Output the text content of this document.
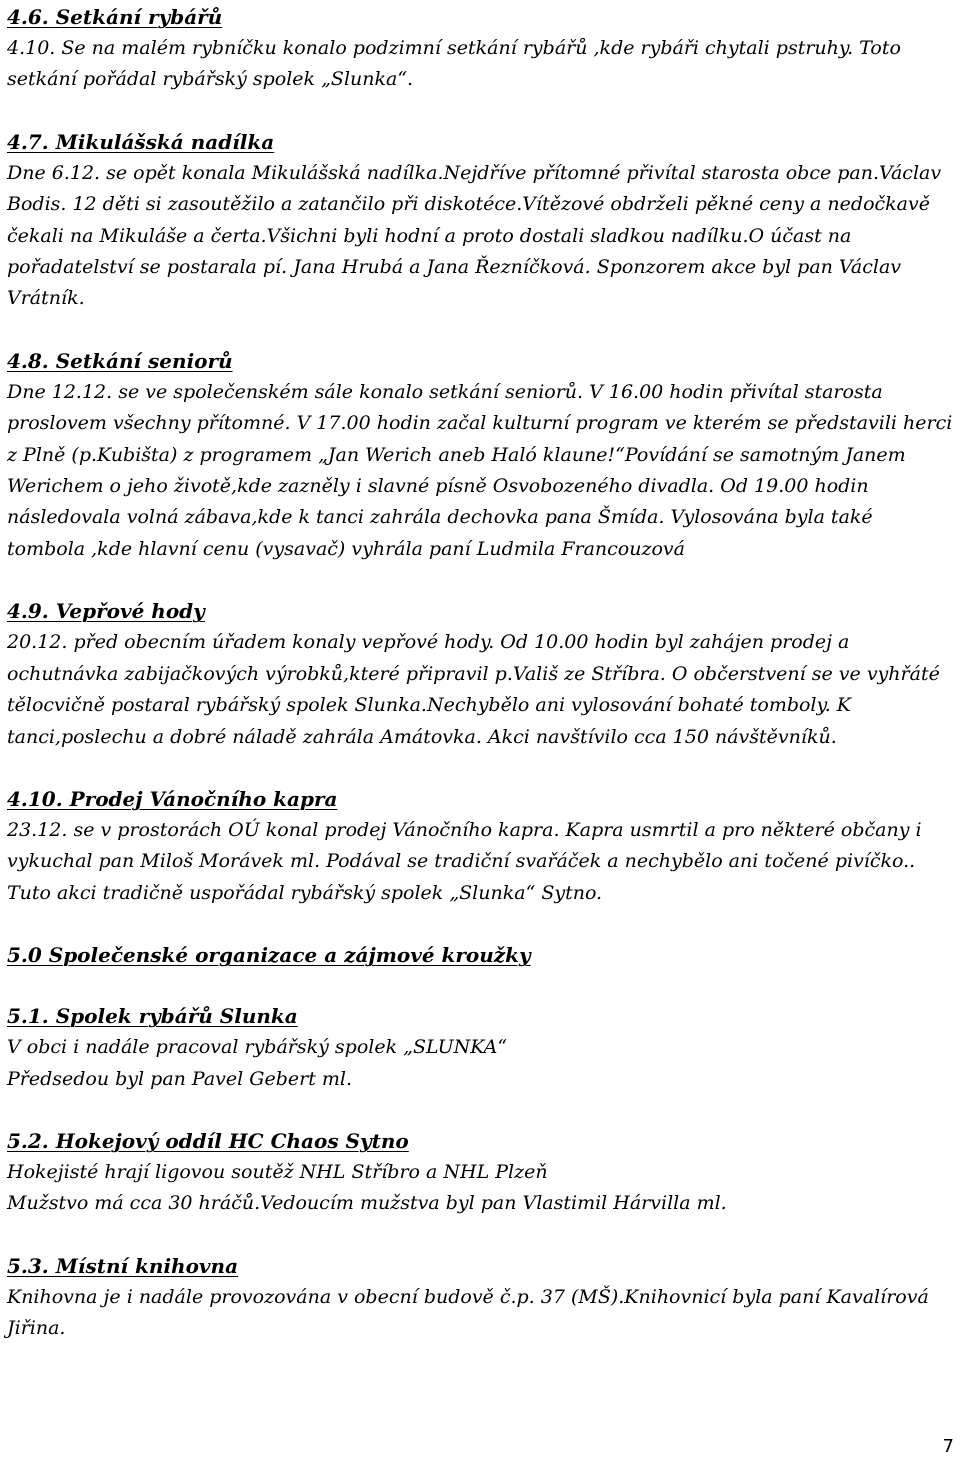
4.6. Setkání rybářů

4.10. Se na malém rybníčku konalo podzimní setkání rybářů ,kde rybáři chytali pstruhy. Toto setkání pořádal rybářský spolek „Slunka“.

4.7. Mikulášská nadílka

Dne 6.12. se opět konala Mikulášská nadílka.Nejdříve přítomné přivítal starosta obce pan.Václav Bodis. 12 děti si zasoutěžilo a zatančilo při diskotéce.Vítězové obdrželi pěkné ceny a nedočkavě čekali na Mikuláše a čerta.Všichni byli hodní a proto dostali sladkou nadílku.O účast na pořadatelství se postarala pí. Jana Hrubá a Jana Řezníčková. Sponzorem akce byl pan Václav Vrátník.

4.8. Setkání seniorů

Dne 12.12. se ve společenském sále konalo setkání seniorů. V 16.00 hodin přivítal starosta proslovem všechny přítomné. V 17.00 hodin začal kulturní program ve kterém se představili herci z Plně (p.Kubišta) z programem „Jan Werich aneb Haló klaune!“Povídání se samotným Janem Werichem o jeho životě,kde zazněly i slavné písně Osvobozeného divadla. Od 19.00 hodin následovala volná zábava,kde k tanci zahrála dechovka pana Šmída. Vylosována byla také tombola ,kde hlavní cenu (vysavač) vyhrála paní Ludmila Francouzová

4.9. Vepřové hody

20.12. před obecním úřadem konaly vepřové hody. Od 10.00 hodin byl zahájen prodej a ochutnávka zabijačkových výrobků,které připravil p.Vališ ze Stříbra. O občerstvení se ve vyhřáté tělocvičně postaral rybářský spolek Slunka.Nechybělo ani vylosování bohaté tomboly. K tanci,poslechu a dobré náladě zahrála Amátovka. Akci navštívilo cca 150 návštěvníků.

4.10. Prodej Vánočního kapra

23.12. se v prostorách OÚ konal prodej Vánočního kapra. Kapra usmrtil a pro některé občany i vykuchal pan Miloš Morávek ml. Podával se tradiční svařáček a nechybělo ani točené pivíčko.. Tuto akci tradičně uspořádal rybářský spolek „Slunka“ Sytno.

5.0 Společenské organizace a zájmové kroužky
5.1. Spolek rybářů Slunka

V obci i nadále pracoval rybářský spolek „SLUNKA“

Předsedou byl pan Pavel Gebert ml.

5.2. Hokejový oddíl HC Chaos Sytno

Hokejisté hrají ligovou soutěž NHL Stříbro a NHL Plzeň

Mužstvo má cca 30 hráčů.Vedoucím mužstva byl pan Vlastimil Hárvilla ml.

5.3. Místní knihovna

Knihovna je i nadále provozována v obecní budově č.p. 37 (MŠ).Knihovnicí byla paní Kavalírová Jiřina.

7
